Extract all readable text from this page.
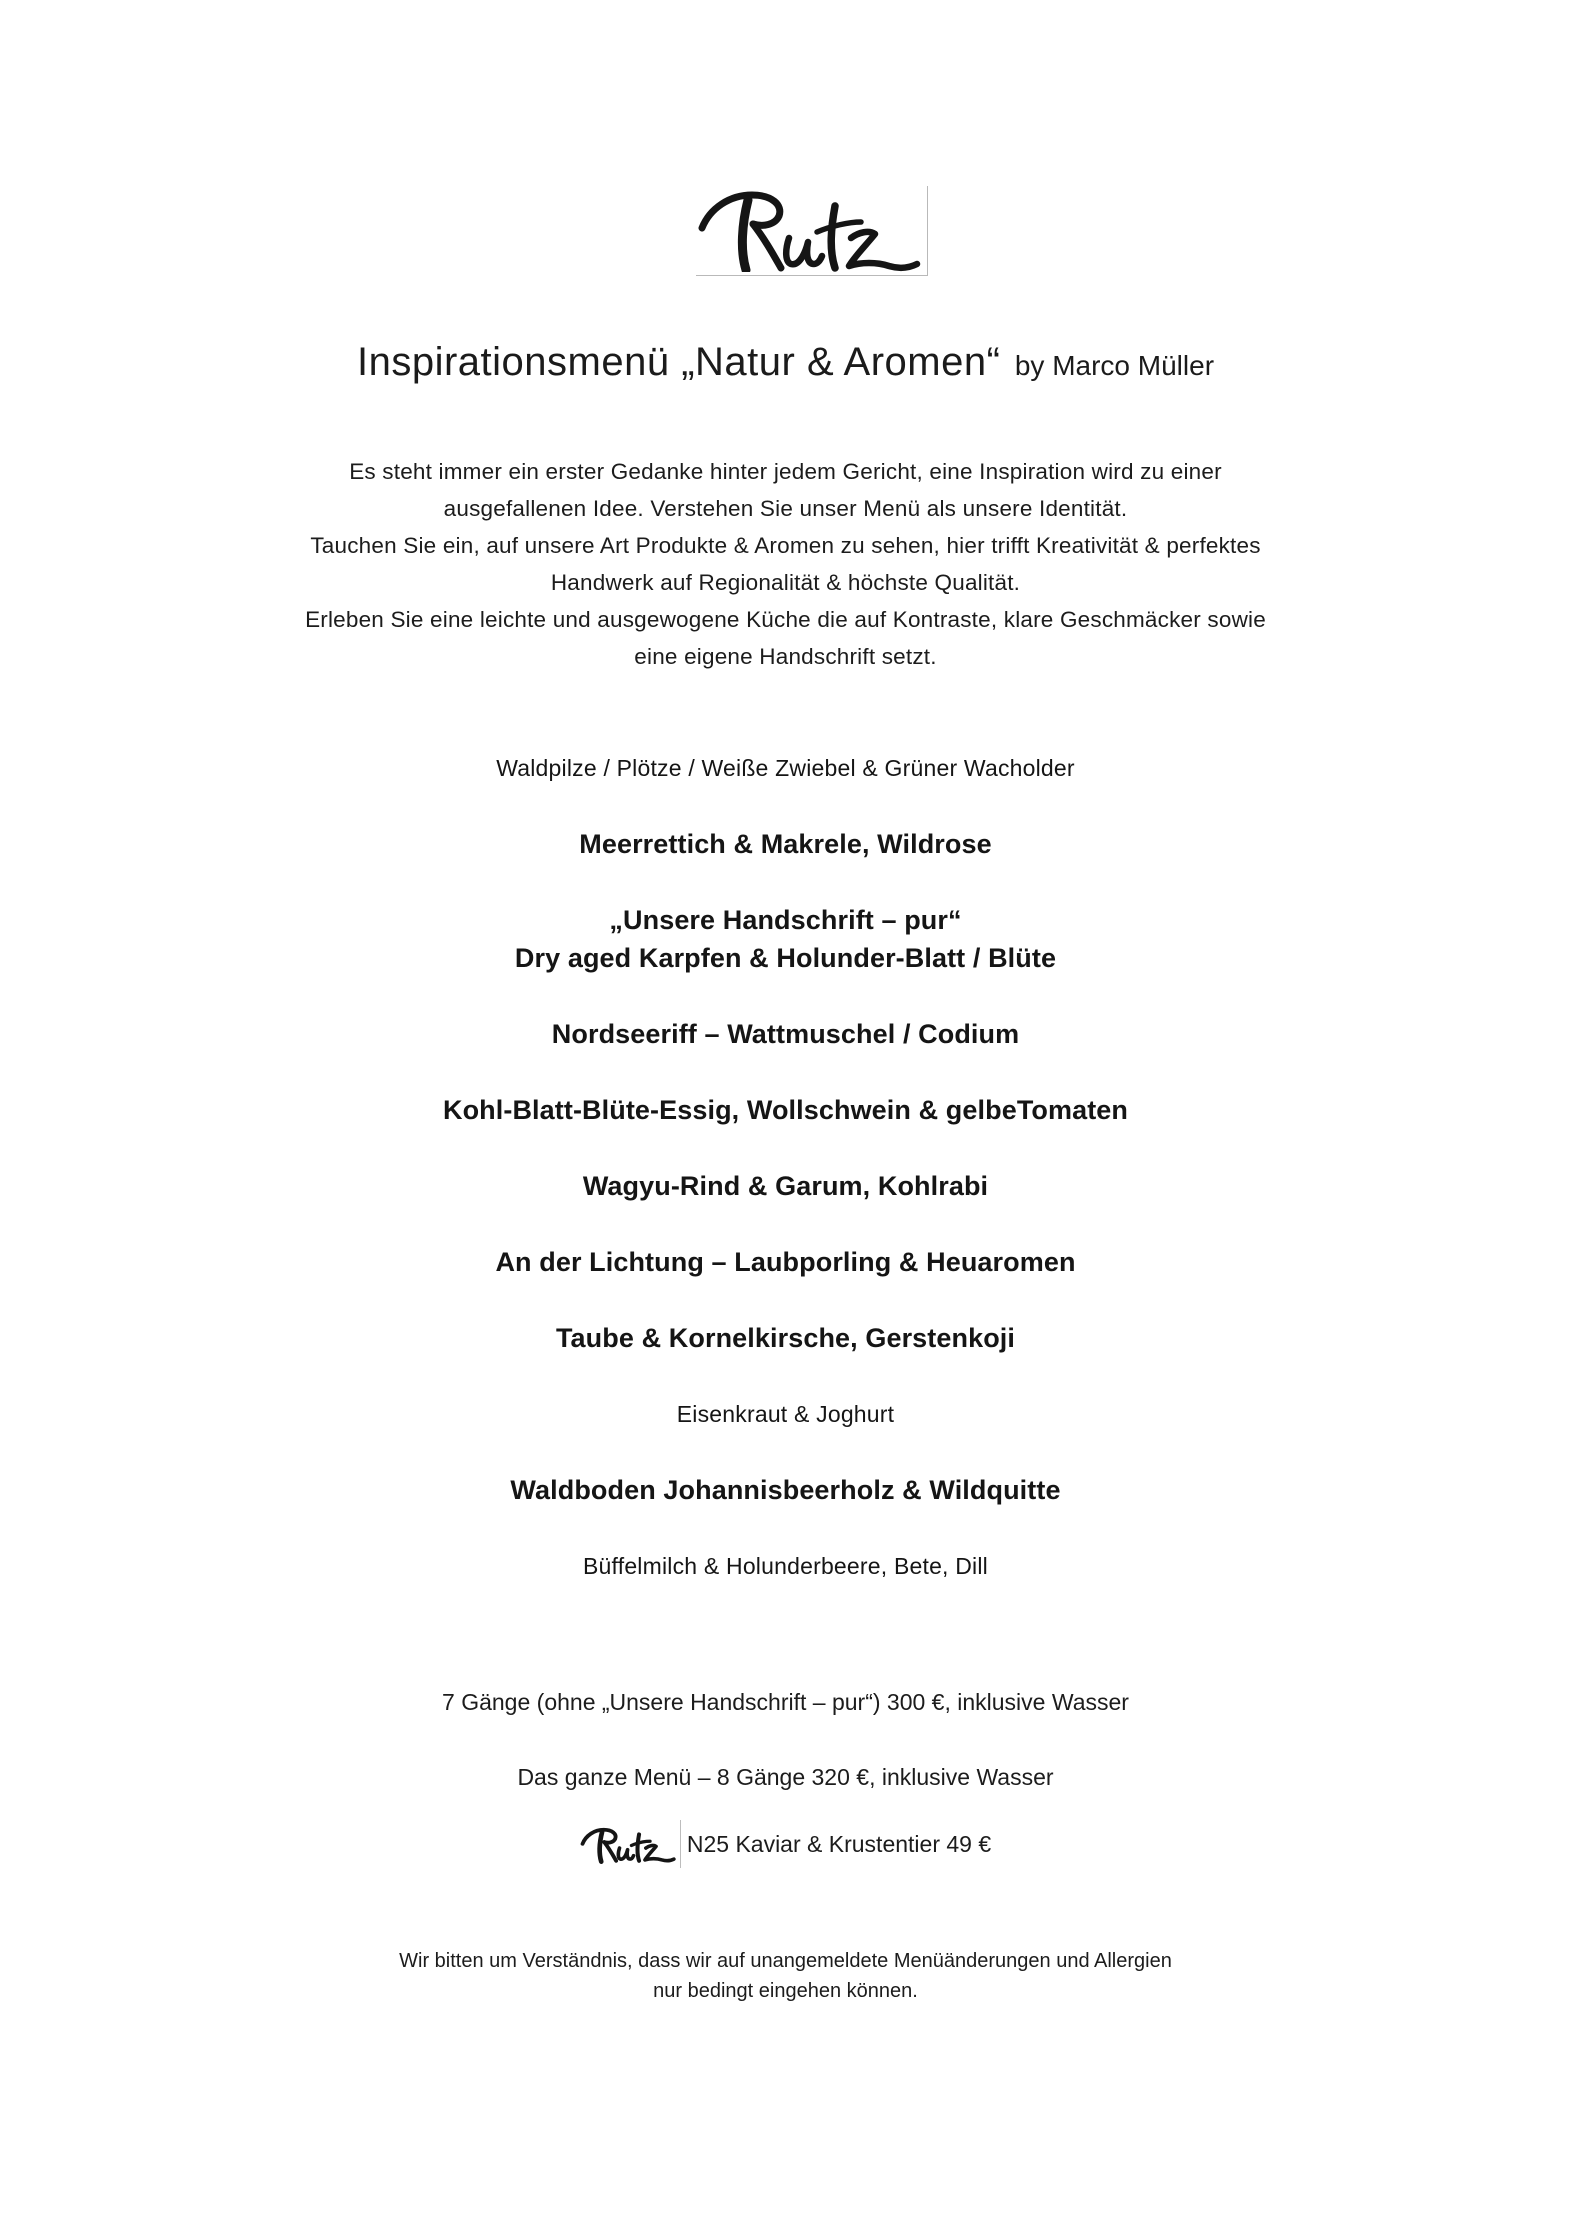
Inspirationsmenü „Natur & Aromen“ by Marco Müller
Es steht immer ein erster Gedanke hinter jedem Gericht, eine Inspiration wird zu einer
ausgefallenen Idee. Verstehen Sie unser Menü als unsere Identität.
Tauchen Sie ein, auf unsere Art Produkte & Aromen zu sehen, hier trifft Kreativität & perfektes
Handwerk auf Regionalität & höchste Qualität.
Erleben Sie eine leichte und ausgewogene Küche die auf Kontraste, klare Geschmäcker sowie
eine eigene Handschrift setzt.
Waldpilze / Plötze / Weiße Zwiebel & Grüner Wacholder
Meerrettich & Makrele, Wildrose
„Unsere Handschrift – pur“
Dry aged Karpfen & Holunder-Blatt / Blüte
Nordseeriff – Wattmuschel / Codium
Kohl-Blatt-Blüte-Essig, Wollschwein & gelbeTomaten
Wagyu-Rind & Garum, Kohlrabi
An der Lichtung – Laubporling & Heuaromen
Taube & Kornelkirsche, Gerstenkoji
Eisenkraut & Joghurt
Waldboden Johannisbeerholz & Wildquitte
Büffelmilch & Holunderbeere, Bete, Dill
7 Gänge (ohne „Unsere Handschrift – pur“) 300 €, inklusive Wasser
Das ganze Menü – 8 Gänge 320 €, inklusive Wasser
N25 Kaviar & Krustentier 49 €
Wir bitten um Verständnis, dass wir auf unangemeldete Menüänderungen und Allergien
nur bedingt eingehen können.
